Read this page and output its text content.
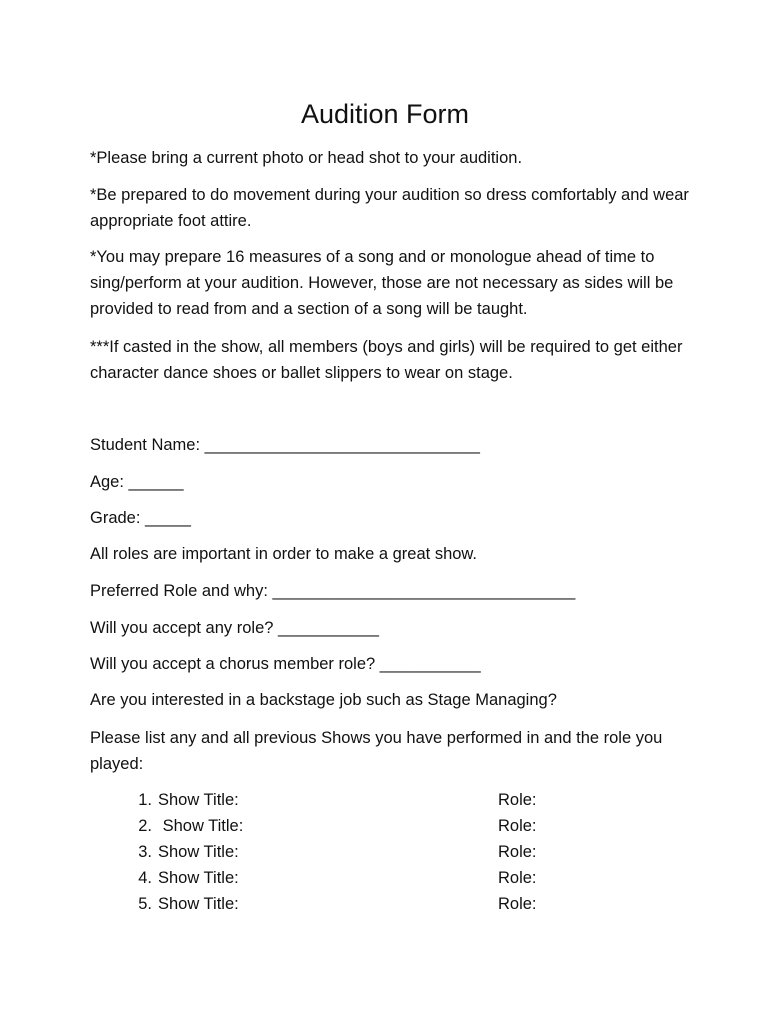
Audition Form

*Please bring a current photo or head shot to your audition.

*Be prepared to do movement during your audition so dress comfortably and wear appropriate foot attire.

*You may prepare 16 measures of a song and or monologue ahead of time to sing/perform at your audition. However, those are not necessary as sides will be provided to read from and a section of a song will be taught.

***If casted in the show, all members (boys and girls) will be required to get either character dance shoes or ballet slippers to wear on stage.

Student Name: ______________________________
Age: ______
Grade: _____
All roles are important in order to make a great show.
Preferred Role and why: _________________________________
Will you accept any role? ___________
Will you accept a chorus member role? ___________
Are you interested in a backstage job such as Stage Managing?

Please list any and all previous Shows you have performed in and the role you played:

1. Show Title:	Role:
2. Show Title:	Role:
3. Show Title:	Role:
4. Show Title:	Role:
5. Show Title:	Role:
